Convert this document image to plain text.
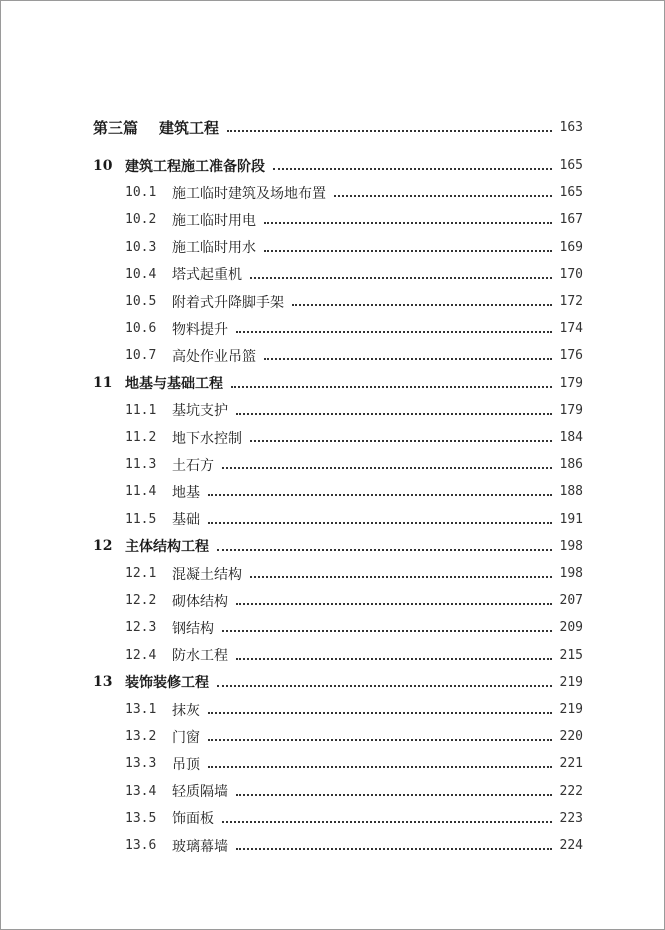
第三篇	建筑工程	163
10 建筑工程施工准备阶段	165
10.1	施工临时建筑及场地布置	165
10.2	施工临时用电	167
10.3	施工临时用水	169
10.4	塔式起重机	170
10.5	附着式升降脚手架	172
10.6	物料提升	174
10.7	高处作业吊篮	176
11 地基与基础工程	179
11.1	基坑支护	179
11.2	地下水控制	184
11.3	土石方	186
11.4	地基	188
11.5	基础	191
12 主体结构工程	198
12.1	混凝土结构	198
12.2	砌体结构	207
12.3	钢结构	209
12.4	防水工程	215
13 装饰装修工程	219
13.1	抹灰	219
13.2	门窗	220
13.3	吊顶	221
13.4	轻质隔墙	222
13.5	饰面板	223
13.6	玻璃幕墙	224
